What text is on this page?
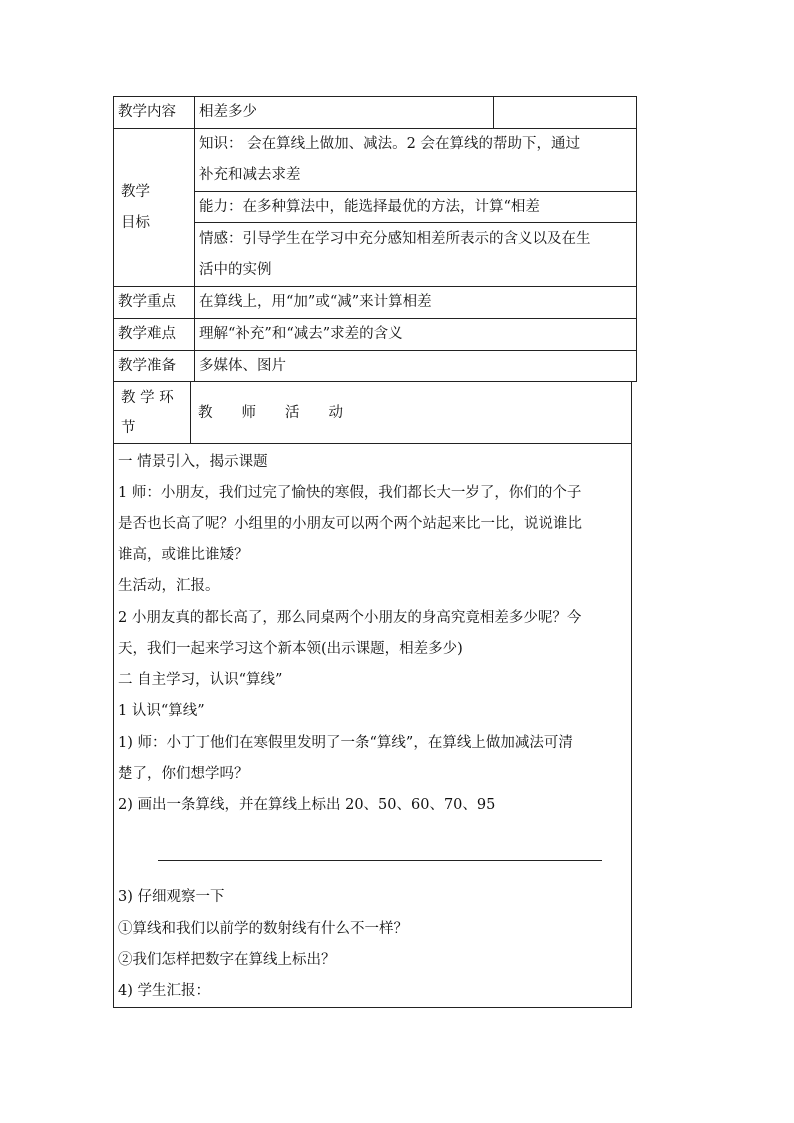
教学内容 相差多少
教学
目标
知识： 会在算线上做加、减法。2 会在算线的帮助下，通过
补充和减去求差
能力：在多种算法中，能选择最优的方法，计算“相差
情感：引导学生在学习中充分感知相差所表示的含义以及在生
活中的实例
教学重点 在算线上，用“加”或“减”来计算相差
教学难点 理解“补充”和“减去”求差的含义
教学准备 多媒体、图片
教 学 环
节
教　　师　　活　　动
一 情景引入，揭示课题
1 师：小朋友，我们过完了愉快的寒假，我们都长大一岁了，你们的个子
是否也长高了呢？小组里的小朋友可以两个两个站起来比一比，说说谁比
谁高，或谁比谁矮？
生活动，汇报。
2 小朋友真的都长高了，那么同桌两个小朋友的身高究竟相差多少呢？今
天，我们一起来学习这个新本领(出示课题，相差多少)
二 自主学习，认识“算线”
1 认识“算线”
1) 师：小丁丁他们在寒假里发明了一条“算线”，在算线上做加减法可清
楚了，你们想学吗？
2) 画出一条算线，并在算线上标出 20、50、60、70、95
3) 仔细观察一下
①算线和我们以前学的数射线有什么不一样？
②我们怎样把数字在算线上标出？
4) 学生汇报：
